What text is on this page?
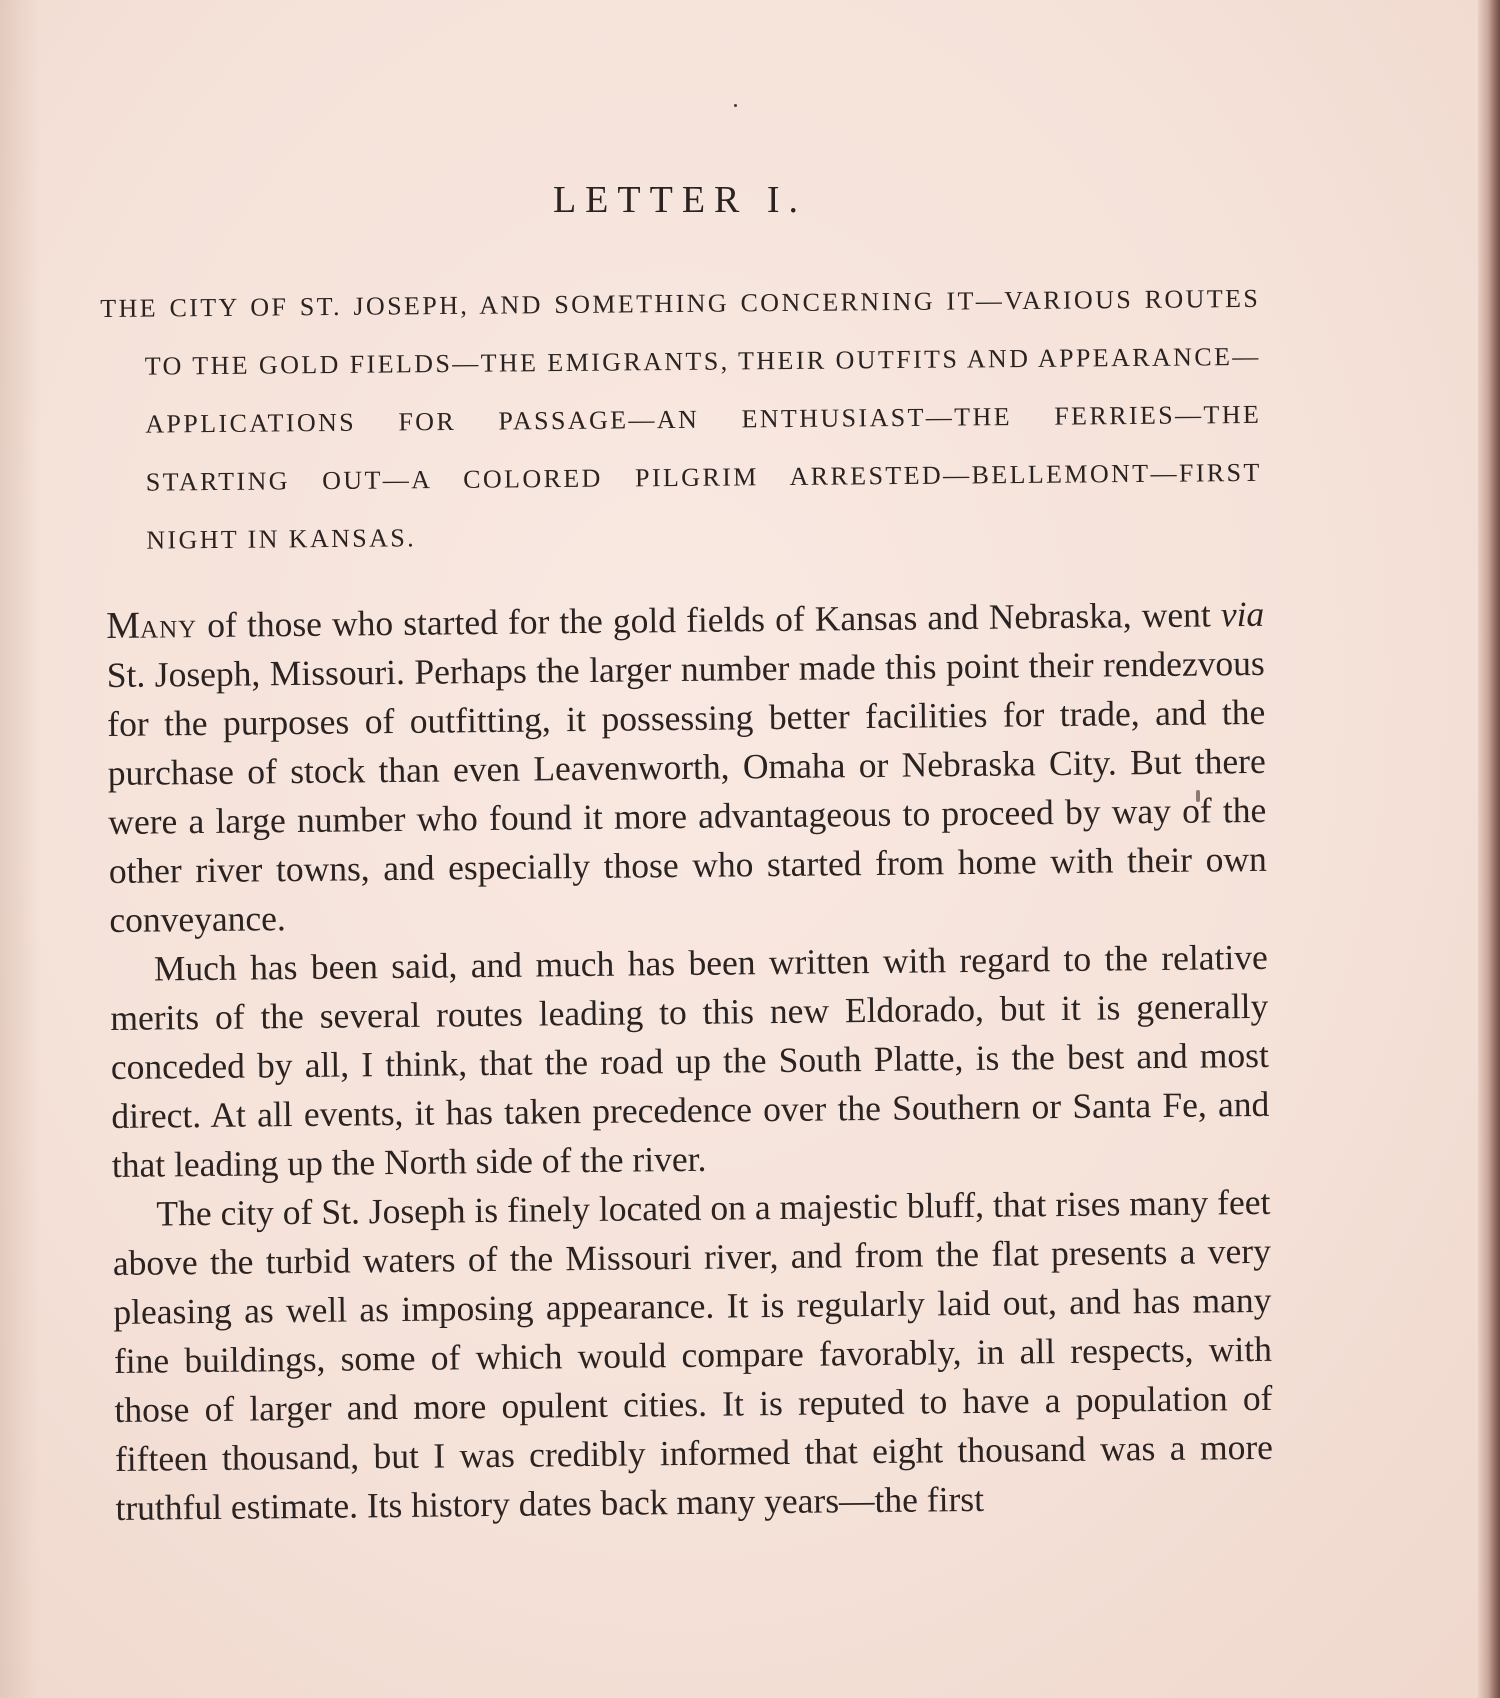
LETTER I.
THE CITY OF ST. JOSEPH, AND SOMETHING CONCERNING IT—VARIOUS ROUTES TO THE GOLD FIELDS—THE EMIGRANTS, THEIR OUTFITS AND APPEARANCE—APPLICATIONS FOR PASSAGE—AN ENTHUSIAST—THE FERRIES—THE STARTING OUT—A COLORED PILGRIM ARRESTED—BELLEMONT—FIRST NIGHT IN KANSAS.

Many of those who started for the gold fields of Kansas and Nebraska, went via St. Joseph, Missouri. Perhaps the larger number made this point their rendezvous for the purposes of outfitting, it possessing better facilities for trade, and the purchase of stock than even Leavenworth, Omaha or Nebraska City. But there were a large number who found it more advantageous to proceed by way of the other river towns, and especially those who started from home with their own conveyance.

Much has been said, and much has been written with regard to the relative merits of the several routes leading to this new Eldorado, but it is generally conceded by all, I think, that the road up the South Platte, is the best and most direct. At all events, it has taken precedence over the Southern or Santa Fe, and that leading up the North side of the river.

The city of St. Joseph is finely located on a majestic bluff, that rises many feet above the turbid waters of the Missouri river, and from the flat presents a very pleasing as well as imposing appearance. It is regularly laid out, and has many fine buildings, some of which would compare favorably, in all respects, with those of larger and more opulent cities. It is reputed to have a population of fifteen thousand, but I was credibly informed that eight thousand was a more truthful estimate. Its history dates back many years—the first
